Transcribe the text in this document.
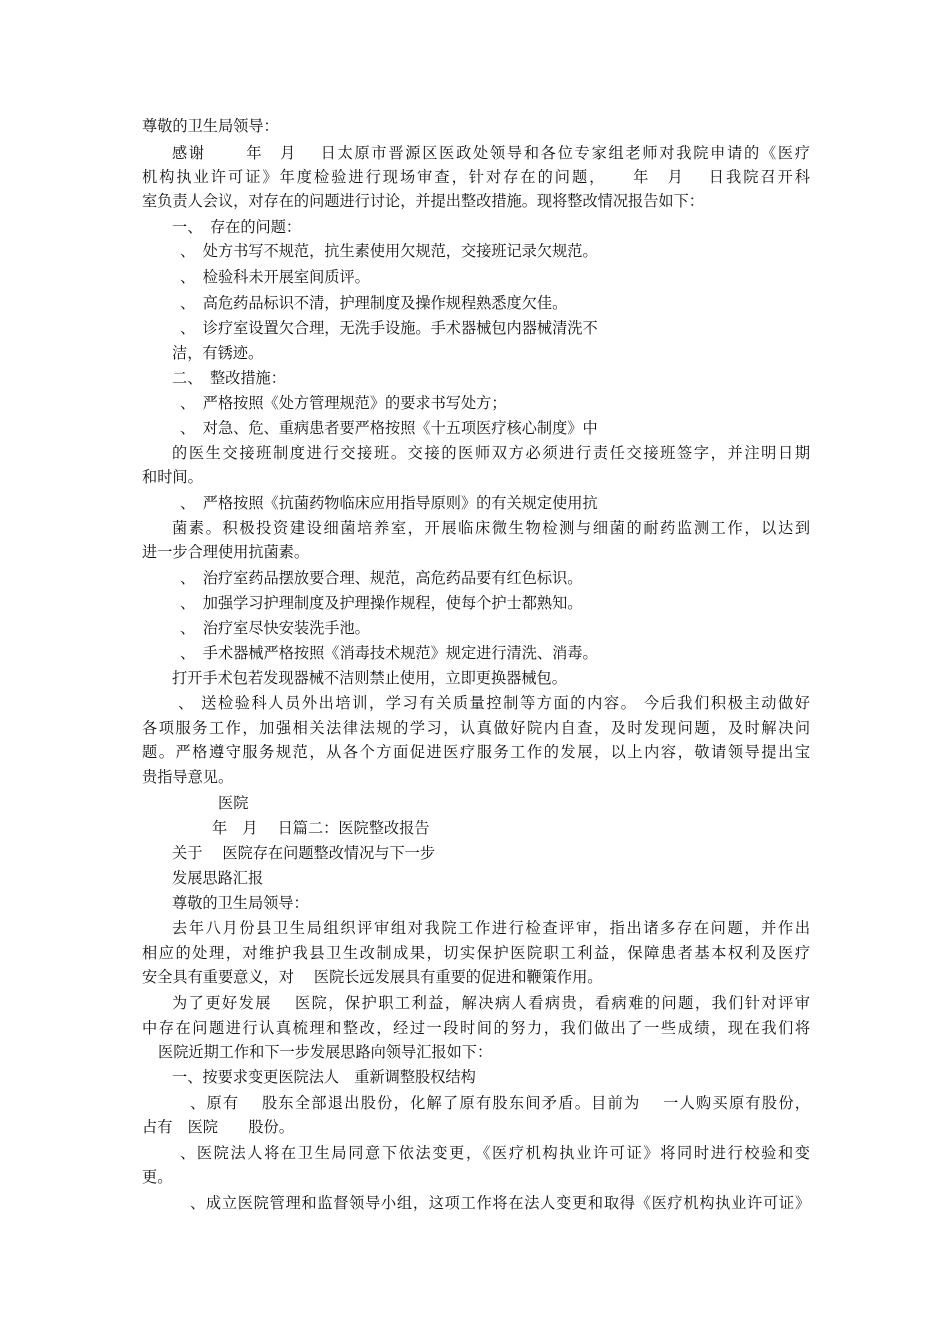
尊敬的卫生局领导：
感谢　　 年　月　 日太原市晋源区医政处领导和各位专家组老师对我院申请的《医疗
机构执业许可证》年度检验进行现场审查，针对存在的问题，　　年　月　 日我院召开科
室负责人会议，对存在的问题进行讨论，并提出整改措施。现将整改情况报告如下：
一、　存在的问题：
、　处方书写不规范，抗生素使用欠规范，交接班记录欠规范。
、　检验科未开展室间质评。
、　高危药品标识不清，护理制度及操作规程熟悉度欠佳。
、　诊疗室设置欠合理，无洗手设施。手术器械包内器械清洗不
洁，有锈迹。
二、　整改措施：
、　严格按照《处方管理规范》的要求书写处方；
、　对急、危、重病患者要严格按照《十五项医疗核心制度》中
的医生交接班制度进行交接班。交接的医师双方必须进行责任交接班签字，并注明日期
和时间。
、　严格按照《抗菌药物临床应用指导原则》的有关规定使用抗
菌素。积极投资建设细菌培养室，开展临床微生物检测与细菌的耐药监测工作，以达到
进一步合理使用抗菌素。
、　治疗室药品摆放要合理、规范，高危药品要有红色标识。
、　加强学习护理制度及护理操作规程，使每个护士都熟知。
、　治疗室尽快安装洗手池。
、　手术器械严格按照《消毒技术规范》规定进行清洗、消毒。
打开手术包若发现器械不洁则禁止使用，立即更换器械包。
、 送检验科人员外出培训，学习有关质量控制等方面的内容。 今后我们积极主动做好
各项服务工作，加强相关法律法规的学习，认真做好院内自查，及时发现问题，及时解决问
题。严格遵守服务规范，从各个方面促进医疗服务工作的发展，以上内容，敬请领导提出宝
贵指导意见。
医院
年　月　 日篇二：医院整改报告
关于　 医院存在问题整改情况与下一步
发展思路汇报
尊敬的卫生局领导：
去年八月份县卫生局组织评审组对我院工作进行检查评审，指出诸多存在问题，并作出
相应的处理，对维护我县卫生改制成果，切实保护医院职工利益，保障患者基本权利及医疗
安全具有重要意义，对　 医院长远发展具有重要的促进和鞭策作用。
为了更好发展　 医院，保护职工利益，解决病人看病贵，看病难的问题，我们针对评审
中存在问题进行认真梳理和整改，经过一段时间的努力，我们做出了一些成绩，现在我们将
医院近期工作和下一步发展思路向领导汇报如下：
一、按要求变更医院法人　重新调整股权结构
、原有　 股东全部退出股份，化解了原有股东间矛盾。目前为　 一人购买原有股份，
占有　医院　　股份。
、医院法人将在卫生局同意下依法变更，《医疗机构执业许可证》将同时进行校验和变
更。
、成立医院管理和监督领导小组，这项工作将在法人变更和取得《医疗机构执业许可证》
